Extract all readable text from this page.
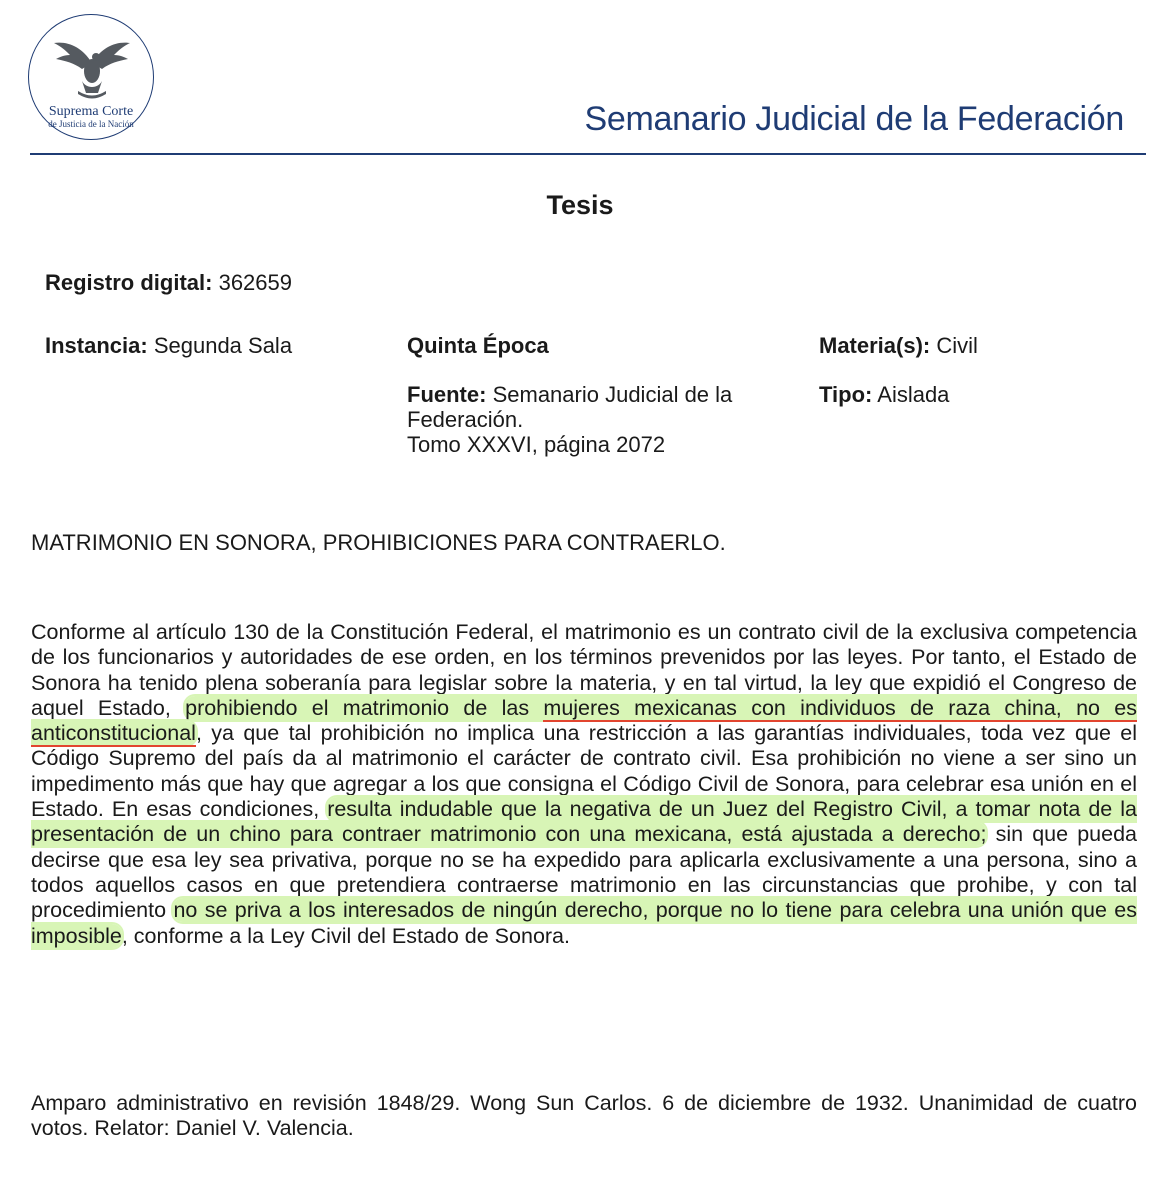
Suprema Corte
de Justicia de la Nación	Semanario Judicial de la Federación
Tesis
Registro digital: 362659
Instancia: Segunda Sala	Quinta Época	Materia(s): Civil
Fuente: Semanario Judicial de la
Federación.
Tomo XXXVI, página 2072
Tipo: Aislada
MATRIMONIO EN SONORA, PROHIBICIONES PARA CONTRAERLO.

Conforme al artículo 130 de la Constitución Federal, el matrimonio es un contrato civil de la exclusiva competencia de los funcionarios y autoridades de ese orden, en los términos prevenidos por las leyes. Por tanto, el Estado de Sonora ha tenido plena soberanía para legislar sobre la materia, y en tal virtud, la ley que expidió el Congreso de aquel Estado, prohibiendo el matrimonio de las mujeres mexicanas con individuos de raza china, no es anticonstitucional, ya que tal prohibición no implica una restricción a las garantías individuales, toda vez que el Código Supremo del país da al matrimonio el carácter de contrato civil. Esa prohibición no viene a ser sino un impedimento más que hay que agregar a los que consigna el Código Civil de Sonora, para celebrar esa unión en el Estado. En esas condiciones, resulta indudable que la negativa de un Juez del Registro Civil, a tomar nota de la presentación de un chino para contraer matrimonio con una mexicana, está ajustada a derecho; sin que pueda decirse que esa ley sea privativa, porque no se ha expedido para aplicarla exclusivamente a una persona, sino a todos aquellos casos en que pretendiera contraerse matrimonio en las circunstancias que prohibe, y con tal procedimiento no se priva a los interesados de ningún derecho, porque no lo tiene para celebra una unión que es imposible, conforme a la Ley Civil del Estado de Sonora.

Amparo administrativo en revisión 1848/29. Wong Sun Carlos. 6 de diciembre de 1932. Unanimidad de cuatro votos. Relator: Daniel V. Valencia.
